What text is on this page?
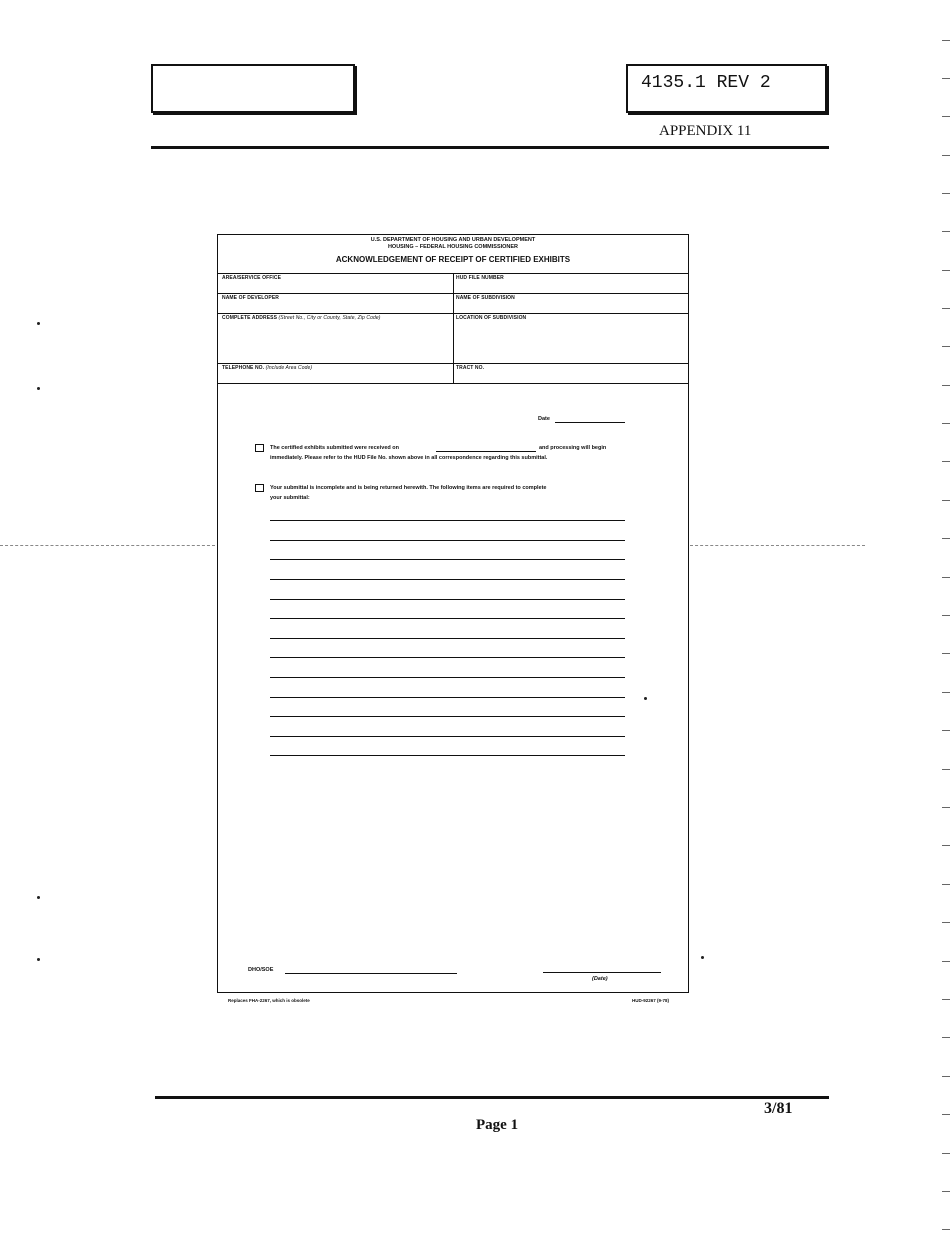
4135.1 REV 2
APPENDIX 11
U.S. DEPARTMENT OF HOUSING AND URBAN DEVELOPMENT
HOUSING – FEDERAL HOUSING COMMISSIONER
ACKNOWLEDGEMENT OF RECEIPT OF CERTIFIED EXHIBITS
AREA/SERVICE OFFICE	HUD FILE NUMBER
NAME OF DEVELOPER	NAME OF SUBDIVISION
COMPLETE ADDRESS (Street No., City or County, State, Zip Code)	LOCATION OF SUBDIVISION
TELEPHONE NO. (Include Area Code)	TRACT NO.
Date
The certified exhibits submitted were received on	and processing will begin
immediately. Please refer to the HUD File No. shown above in all correspondence regarding this submittal.
Your submittal is incomplete and is being returned herewith. The following items are required to complete
your submittal:
DHO/SOE
(Date)
Replaces FHA-2267, which is obsolete	HUD-92267 (9-78)
3/81
Page 1
